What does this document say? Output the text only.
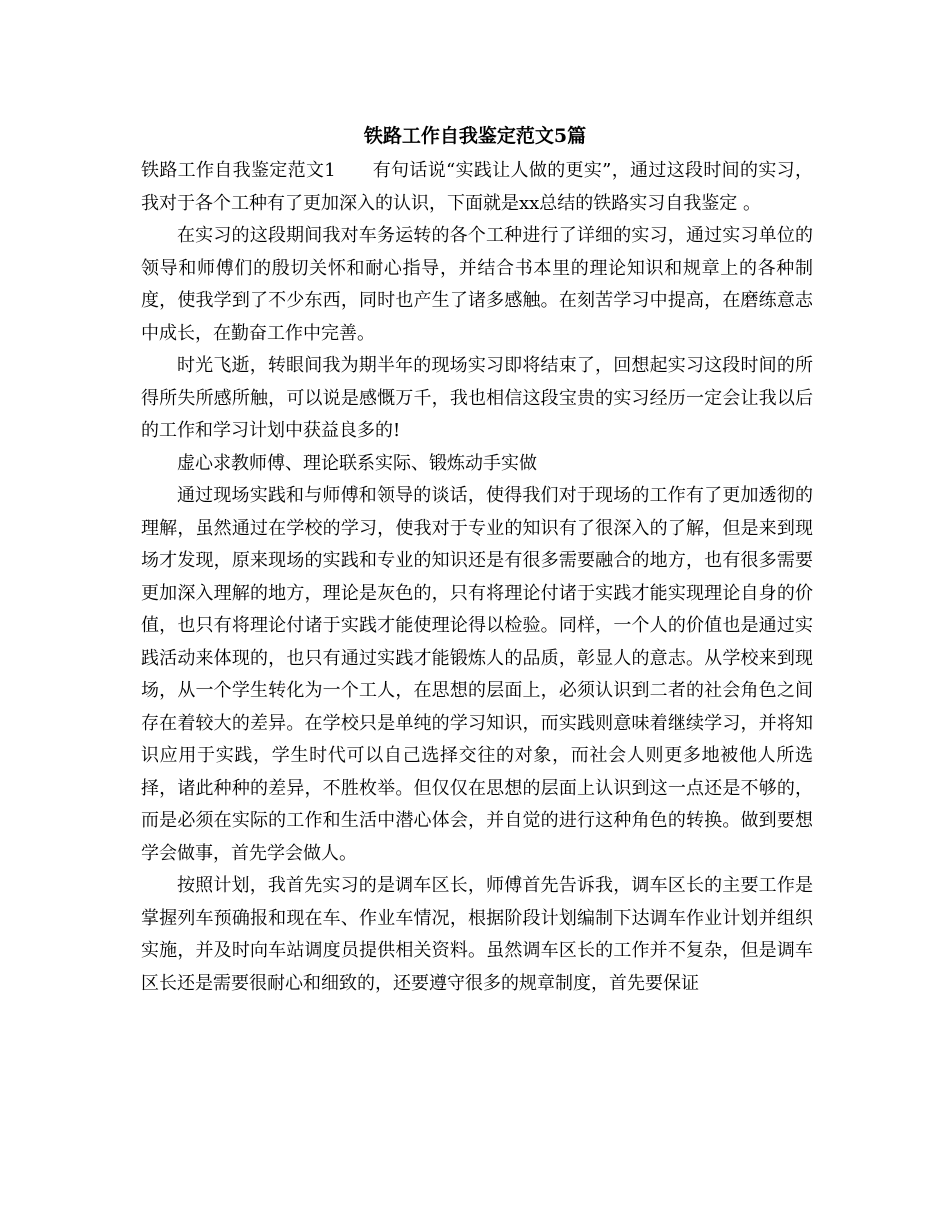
铁路工作自我鉴定范文5篇

铁路工作自我鉴定范文1　　有句话说“实践让人做的更实”，通过这段时间的实习，我对于各个工种有了更加深入的认识，下面就是xx总结的铁路实习自我鉴定 。

在实习的这段期间我对车务运转的各个工种进行了详细的实习，通过实习单位的领导和师傅们的殷切关怀和耐心指导，并结合书本里的理论知识和规章上的各种制度，使我学到了不少东西，同时也产生了诸多感触。在刻苦学习中提高，在磨练意志中成长，在勤奋工作中完善。

时光飞逝，转眼间我为期半年的现场实习即将结束了，回想起实习这段时间的所得所失所感所触，可以说是感慨万千，我也相信这段宝贵的实习经历一定会让我以后的工作和学习计划中获益良多的!

虚心求教师傅、理论联系实际、锻炼动手实做

通过现场实践和与师傅和领导的谈话，使得我们对于现场的工作有了更加透彻的理解，虽然通过在学校的学习，使我对于专业的知识有了很深入的了解，但是来到现场才发现，原来现场的实践和专业的知识还是有很多需要融合的地方，也有很多需要更加深入理解的地方，理论是灰色的，只有将理论付诸于实践才能实现理论自身的价值，也只有将理论付诸于实践才能使理论得以检验。同样，一个人的价值也是通过实践活动来体现的，也只有通过实践才能锻炼人的品质，彰显人的意志。从学校来到现场，从一个学生转化为一个工人，在思想的层面上，必须认识到二者的社会角色之间存在着较大的差异。在学校只是单纯的学习知识，而实践则意味着继续学习，并将知识应用于实践，学生时代可以自己选择交往的对象，而社会人则更多地被他人所选择，诸此种种的差异，不胜枚举。但仅仅在思想的层面上认识到这一点还是不够的，而是必须在实际的工作和生活中潜心体会，并自觉的进行这种角色的转换。做到要想学会做事，首先学会做人。

按照计划，我首先实习的是调车区长，师傅首先告诉我，调车区长的主要工作是掌握列车预确报和现在车、作业车情况，根据阶段计划编制下达调车作业计划并组织实施，并及时向车站调度员提供相关资料。虽然调车区长的工作并不复杂，但是调车区长还是需要很耐心和细致的，还要遵守很多的规章制度，首先要保证
